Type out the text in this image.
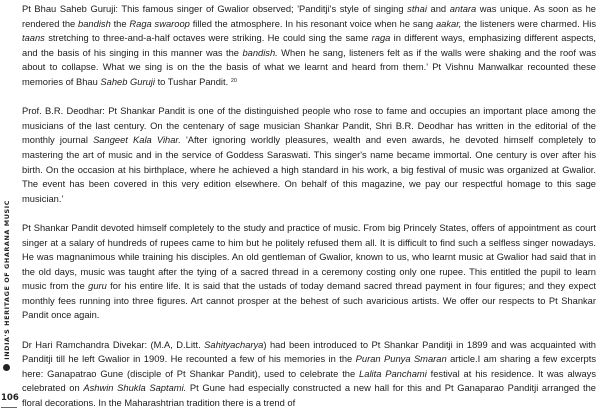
INDIA'S HERITAGE OF GHARANA MUSIC
106

Pt Bhau Saheb Guruji: This famous singer of Gwalior observed; 'Panditji's style of singing sthai and antara was unique. As soon as he rendered the bandish the Raga swaroop filled the atmosphere. In his resonant voice when he sang aakar, the listeners were charmed. His taans stretching to three-and-a-half octaves were striking. He could sing the same raga in different ways, emphasizing different aspects, and the basis of his singing in this manner was the bandish. When he sang, listeners felt as if the walls were shaking and the roof was about to collapse. What we sing is on the the basis of what we learnt and heard from them.' Pt Vishnu Manwalkar recounted these memories of Bhau Saheb Guruji to Tushar Pandit. $^{20}$

Prof. B.R. Deodhar: Pt Shankar Pandit is one of the distinguished people who rose to fame and occupies an important place among the musicians of the last century. On the centenary of sage musician Shankar Pandit, Shri B.R. Deodhar has written in the editorial of the monthly journal Sangeet Kala Vihar. 'After ignoring worldly pleasures, wealth and even awards, he devoted himself completely to mastering the art of music and in the service of Goddess Saraswati. This singer's name became immortal. One century is over after his birth. On the occasion at his birthplace, where he achieved a high standard in his work, a big festival of music was organized at Gwalior. The event has been covered in this very edition elsewhere. On behalf of this magazine, we pay our respectful homage to this sage musician.'

Pt Shankar Pandit devoted himself completely to the study and practice of music. From big Princely States, offers of appointment as court singer at a salary of hundreds of rupees came to him but he politely refused them all. It is difficult to find such a selfless singer nowadays. He was magnanimous while training his disciples. An old gentleman of Gwalior, known to us, who learnt music at Gwalior had said that in the old days, music was taught after the tying of a sacred thread in a ceremony costing only one rupee. This entitled the pupil to learn music from the guru for his entire life. It is said that the ustads of today demand sacred thread payment in four figures; and they expect monthly fees running into three figures. Art cannot prosper at the behest of such avaricious artists. We offer our respects to Pt Shankar Pandit once again.

Dr Hari Ramchandra Divekar: (M.A, D.Litt. Sahityacharya) had been introduced to Pt Shankar Panditji in 1899 and was acquainted with Panditji till he left Gwalior in 1909. He recounted a few of his memories in the Puran Punya Smaran article.I am sharing a few excerpts here: Ganapatrao Gune (disciple of Pt Shankar Pandit), used to celebrate the Lalita Panchami festival at his residence. It was always celebrated on Ashwin Shukla Saptami. Pt Gune had especially constructed a new hall for this and Pt Ganaparao Panditji arranged the floral decorations. In the Maharashtrian tradition there is a trend of
